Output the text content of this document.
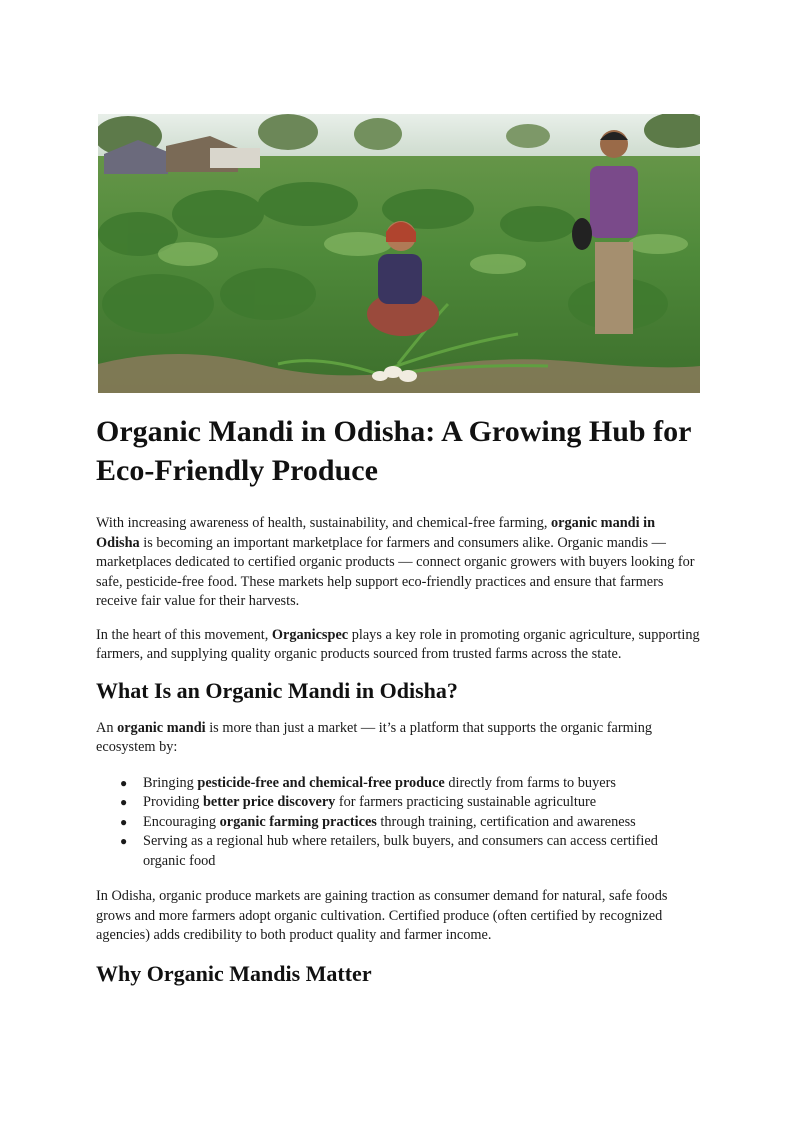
Organic Mandi in Odisha: A Growing Hub for Eco-Friendly Produce

With increasing awareness of health, sustainability, and chemical-free farming, organic mandi in Odisha is becoming an important marketplace for farmers and consumers alike. Organic mandis — marketplaces dedicated to certified organic products — connect organic growers with buyers looking for safe, pesticide-free food. These markets help support eco-friendly practices and ensure that farmers receive fair value for their harvests.

In the heart of this movement, Organicspec plays a key role in promoting organic agriculture, supporting farmers, and supplying quality organic products sourced from trusted farms across the state.

What Is an Organic Mandi in Odisha?

An organic mandi is more than just a market — it’s a platform that supports the organic farming ecosystem by:

● Bringing pesticide-free and chemical-free produce directly from farms to buyers
● Providing better price discovery for farmers practicing sustainable agriculture
● Encouraging organic farming practices through training, certification and awareness
● Serving as a regional hub where retailers, bulk buyers, and consumers can access certified organic food

In Odisha, organic produce markets are gaining traction as consumer demand for natural, safe foods grows and more farmers adopt organic cultivation. Certified produce (often certified by recognized agencies) adds credibility to both product quality and farmer income.

Why Organic Mandis Matter
